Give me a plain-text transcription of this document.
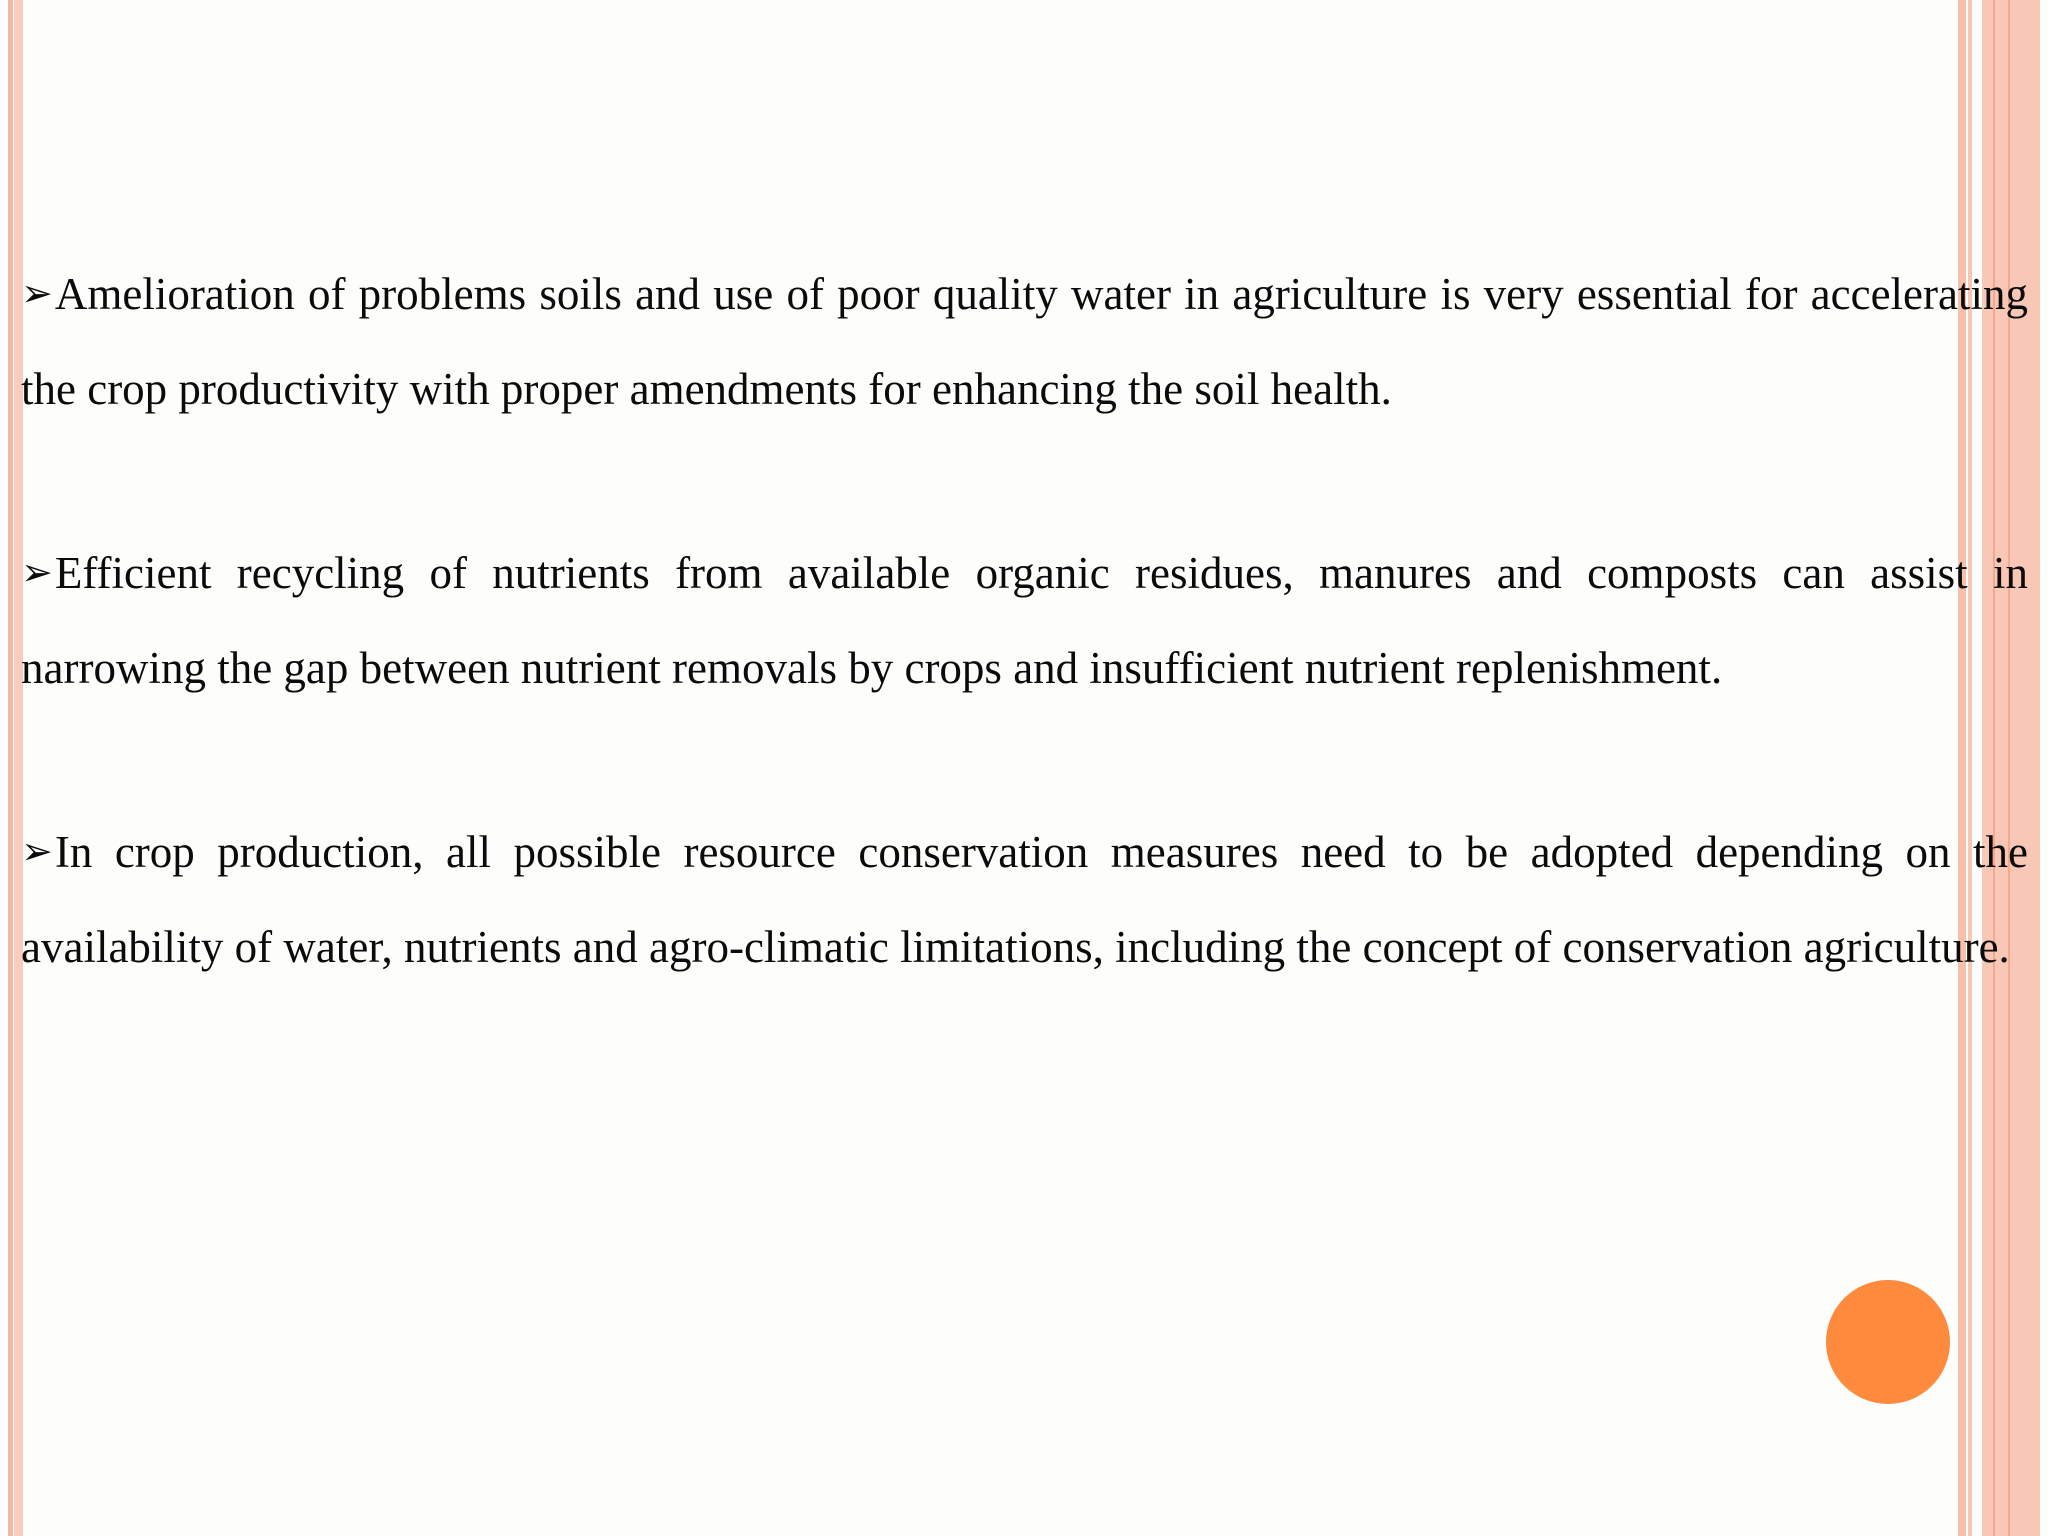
➢Amelioration of problems soils and use of poor quality water in agriculture is very essential for accelerating the crop productivity with proper amendments for enhancing the soil health.

➢Efficient recycling of nutrients from available organic residues, manures and composts can assist in narrowing the gap between nutrient removals by crops and insufficient nutrient replenishment.

➢In crop production, all possible resource conservation measures need to be adopted depending on the availability of water, nutrients and agro-climatic limitations, including the concept of conservation agriculture.
